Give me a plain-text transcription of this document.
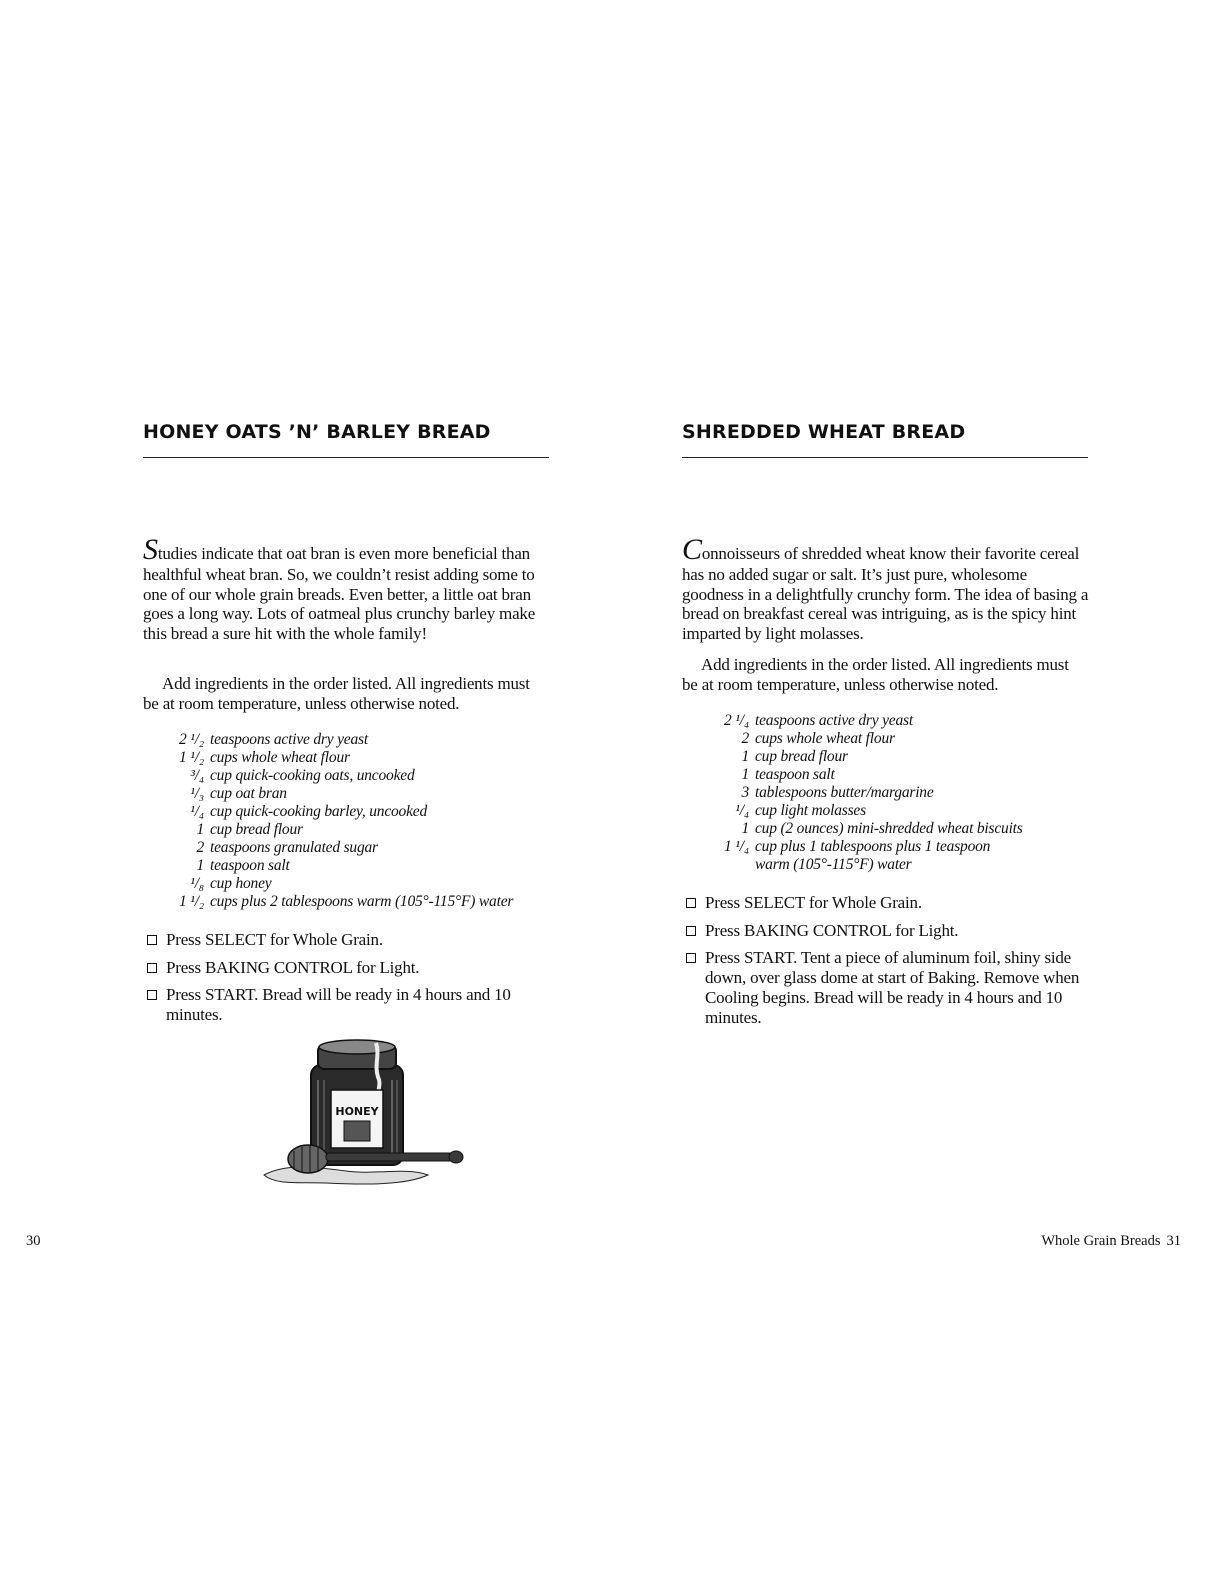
HONEY OATS ’N’ BARLEY BREAD

Studies indicate that oat bran is even more beneficial than healthful wheat bran. So, we couldn’t resist adding some to one of our whole grain breads. Even better, a little oat bran goes a long way. Lots of oatmeal plus crunchy barley make this bread a sure hit with the whole family!

Add ingredients in the order listed. All ingredients must be at room temperature, unless otherwise noted.

2 ¹/₂ teaspoons active dry yeast
1 ¹/₂ cups whole wheat flour
³/₄ cup quick-cooking oats, uncooked
¹/₃ cup oat bran
¹/₄ cup quick-cooking barley, uncooked
1 cup bread flour
2 teaspoons granulated sugar
1 teaspoon salt
¹/₈ cup honey
1 ¹/₂ cups plus 2 tablespoons warm (105°-115°F) water
Press SELECT for Whole Grain.
Press BAKING CONTROL for Light.
Press START. Bread will be ready in 4 hours and 10 minutes.
HONEY

30

SHREDDED WHEAT BREAD

Connoisseurs of shredded wheat know their favorite cereal has no added sugar or salt. It’s just pure, wholesome goodness in a delightfully crunchy form. The idea of basing a bread on breakfast cereal was intriguing, as is the spicy hint imparted by light molasses.

Add ingredients in the order listed. All ingredients must be at room temperature, unless otherwise noted.

2 ¹/₄ teaspoons active dry yeast
2 cups whole wheat flour
1 cup bread flour
1 teaspoon salt
3 tablespoons butter/margarine
¹/₄ cup light molasses
1 cup (2 ounces) mini-shredded wheat biscuits
1 ¹/₄ cup plus 1 tablespoons plus 1 teaspoon
warm (105°-115°F) water
Press SELECT for Whole Grain.
Press BAKING CONTROL for Light.
Press START. Tent a piece of aluminum foil, shiny side down, over glass dome at start of Baking. Remove when Cooling begins. Bread will be ready in 4 hours and 10 minutes.

Whole Grain Breads 31
